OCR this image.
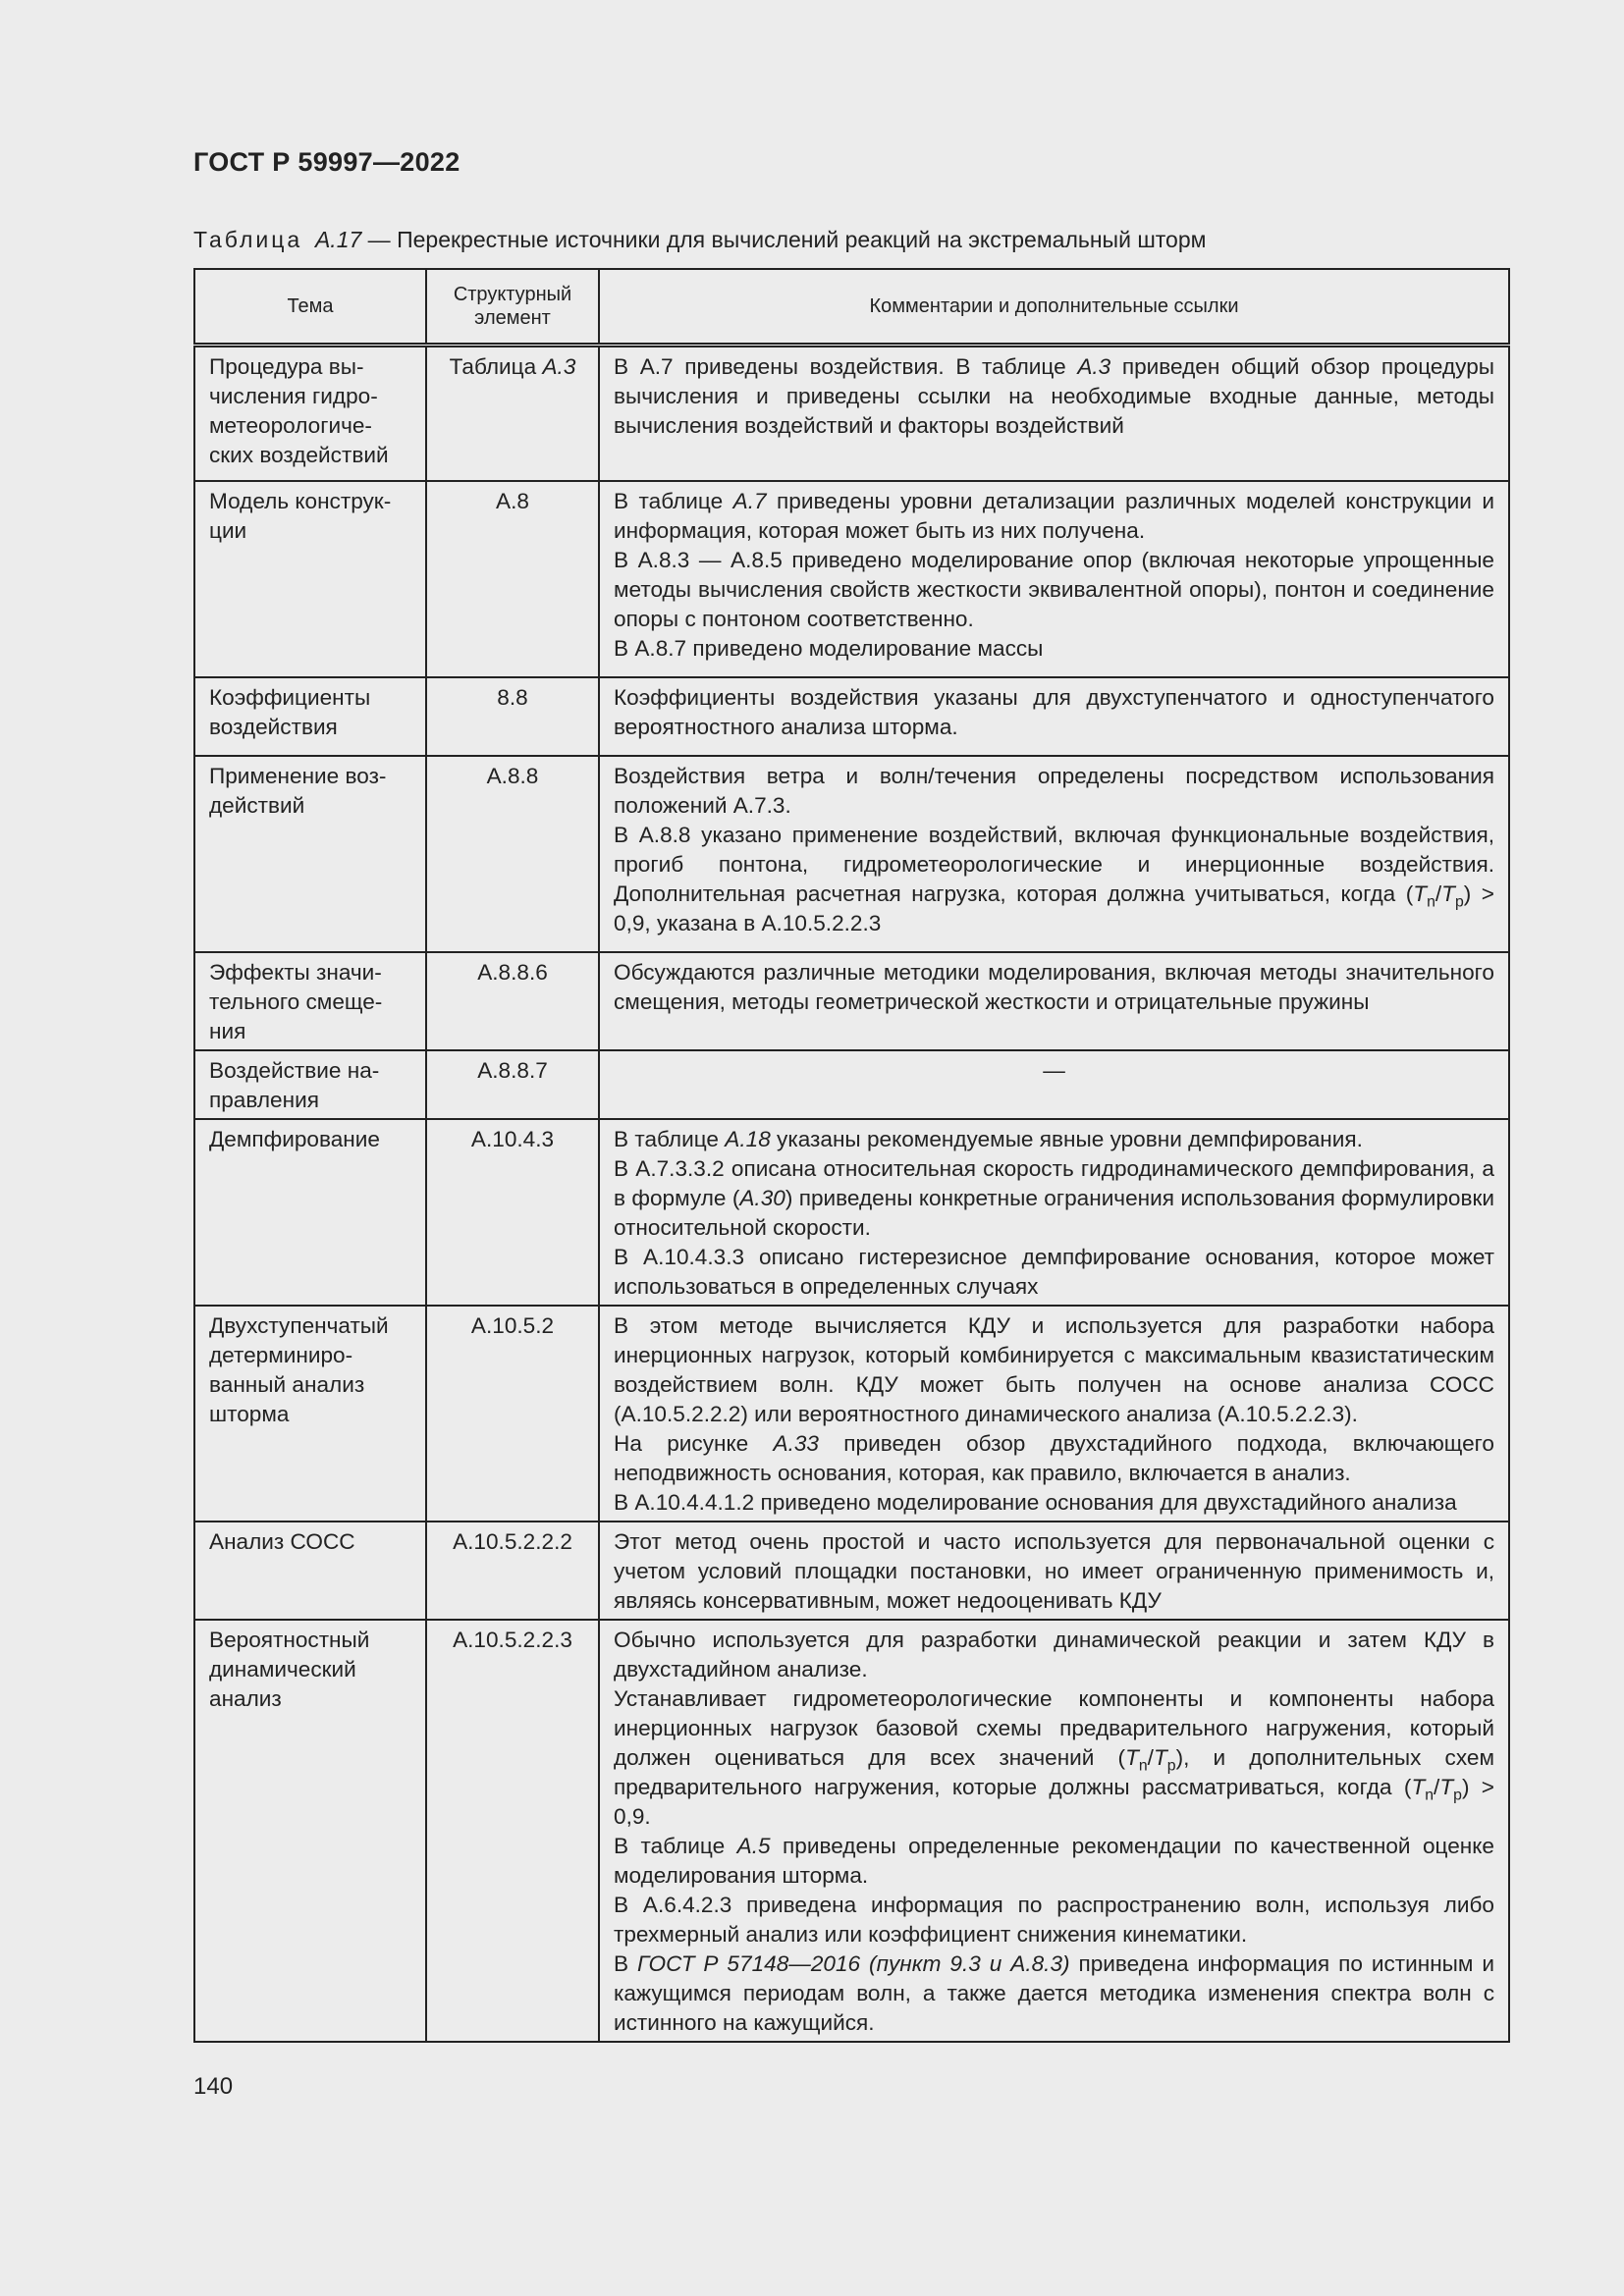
ГОСТ Р 59997—2022
Таблица A.17 — Перекрестные источники для вычислений реакций на экстремальный шторм
Тема	Структурный элемент	Комментарии и дополнительные ссылки
Процедура вы-числения гидро-метеорологиче-ских воздействий	Таблица A.3	В А.7 приведены воздействия. В таблице A.3 приведен общий обзор процедуры вычисления и приведены ссылки на необходимые входные данные, методы вычисления воздействий и факторы воздействий

Модель конструк-ции	A.8	В таблице A.7 приведены уровни детализации различных моделей конструкции и информация, которая может быть из них получена.

В А.8.3 — А.8.5 приведено моделирование опор (включая некоторые упрощенные методы вычисления свойств жесткости эквивалентной опоры), понтон и соединение опоры с понтоном соответственно.

В А.8.7 приведено моделирование массы

Коэффициенты воздействия	8.8	Коэффициенты воздействия указаны для двухступенчатого и одноступенчатого вероятностного анализа шторма.

Применение воз-действий	A.8.8	Воздействия ветра и волн/течения определены посредством использования положений А.7.3.

В А.8.8 указано применение воздействий, включая функциональные воздействия, прогиб понтона, гидрометеорологические и инерционные воздействия. Дополнительная расчетная нагрузка, которая должна учитываться, когда $(T_n/T_p) > 0,9$, указана в А.10.5.2.2.3

Эффекты значи-тельного смеще-ния	A.8.8.6	Обсуждаются различные методики моделирования, включая методы значительного смещения, методы геометрической жесткости и отрицательные пружины

Воздействие на-правления	A.8.8.7	—

Демпфирование	A.10.4.3	В таблице A.18 указаны рекомендуемые явные уровни демпфирования.

В А.7.3.3.2 описана относительная скорость гидродинамического демпфирования, а в формуле (A.30) приведены конкретные ограничения использования формулировки относительной скорости.

В А.10.4.3.3 описано гистерезисное демпфирование основания, которое может использоваться в определенных случаях

Двухступенчатый детерминиро-ванный анализ шторма	A.10.5.2	В этом методе вычисляется КДУ и используется для разработки набора инерционных нагрузок, который комбинируется с максимальным квазистатическим воздействием волн. КДУ может быть получен на основе анализа СОСС (А.10.5.2.2.2) или вероятностного динамического анализа (А.10.5.2.2.3).

На рисунке A.33 приведен обзор двухстадийного подхода, включающего неподвижность основания, которая, как правило, включается в анализ.

В А.10.4.4.1.2 приведено моделирование основания для двухстадийного анализа

Анализ СОСС	A.10.5.2.2.2	Этот метод очень простой и часто используется для первоначальной оценки с учетом условий площадки постановки, но имеет ограниченную применимость и, являясь консервативным, может недооценивать КДУ

Вероятностный динамический анализ	A.10.5.2.2.3	Обычно используется для разработки динамической реакции и затем КДУ в двухстадийном анализе.

Устанавливает гидрометеорологические компоненты и компоненты набора инерционных нагрузок базовой схемы предварительного нагружения, который должен оцениваться для всех значений $(T_n/T_p)$, и дополнительных схем предварительного нагружения, которые должны рассматриваться, когда $(T_n/T_p) > 0,9$.

В таблице A.5 приведены определенные рекомендации по качественной оценке моделирования шторма.

В А.6.4.2.3 приведена информация по распространению волн, используя либо трехмерный анализ или коэффициент снижения кинематики.

В ГОСТ Р 57148—2016 (пункт 9.3 и А.8.3) приведена информация по истинным и кажущимся периодам волн, а также дается методика изменения спектра волн с истинного на кажущийся.

140
